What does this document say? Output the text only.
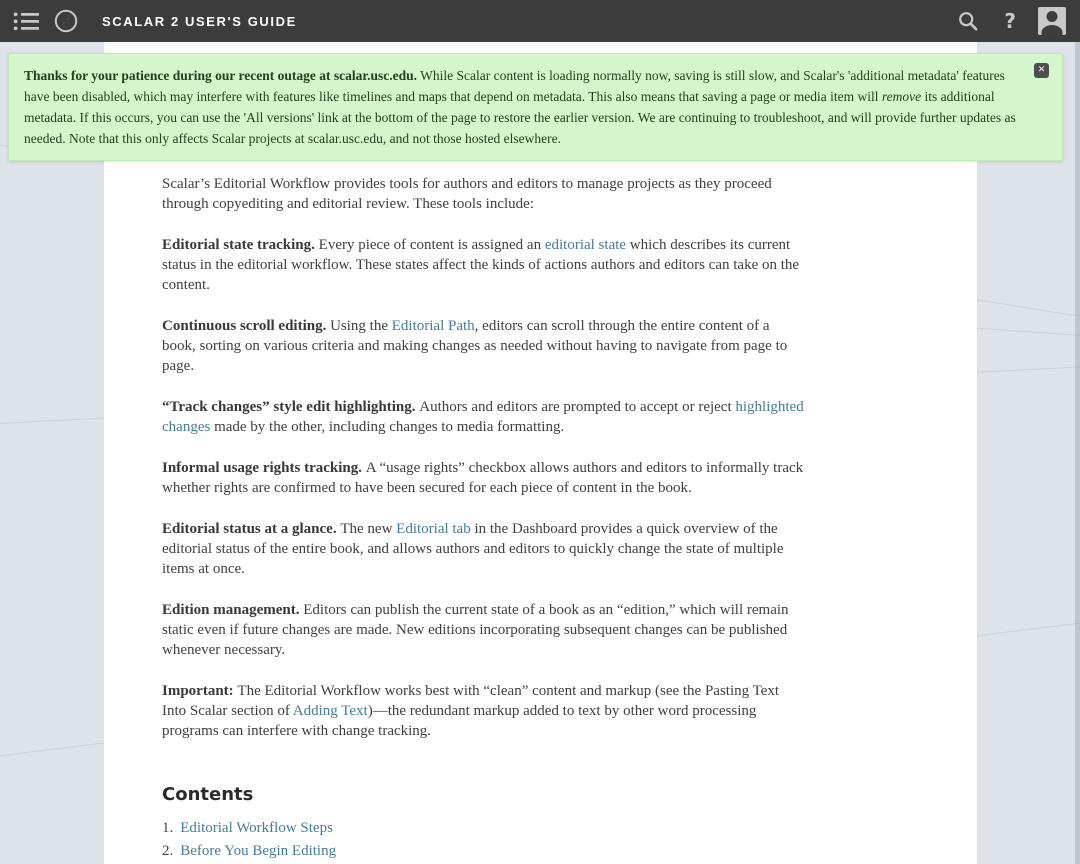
SCALAR 2 USER'S GUIDE	?

Scalar’s Editorial Workflow provides tools for authors and editors to manage projects as they proceed through copyediting and editorial review. These tools include:

Editorial state tracking. Every piece of content is assigned an editorial state which describes its current status in the editorial workflow. These states affect the kinds of actions authors and editors can take on the content.

Continuous scroll editing. Using the Editorial Path, editors can scroll through the entire content of a book, sorting on various criteria and making changes as needed without having to navigate from page to page.

“Track changes” style edit highlighting. Authors and editors are prompted to accept or reject highlighted changes made by the other, including changes to media formatting.

Informal usage rights tracking. A “usage rights” checkbox allows authors and editors to informally track whether rights are confirmed to have been secured for each piece of content in the book.

Editorial status at a glance. The new Editorial tab in the Dashboard provides a quick overview of the editorial status of the entire book, and allows authors and editors to quickly change the state of multiple items at once.

Edition management. Editors can publish the current state of a book as an “edition,” which will remain static even if future changes are made. New editions incorporating subsequent changes can be published whenever necessary.

Important: The Editorial Workflow works best with “clean” content and markup (see the Pasting Text Into Scalar section of Adding Text)—the redundant markup added to text by other word processing programs can interfere with change tracking.

Contents
1. Editorial Workflow Steps
2. Before You Begin Editing
Thanks for your patience during our recent outage at scalar.usc.edu. While Scalar content is loading normally now, saving is still slow, and Scalar's 'additional metadata' features have been disabled, which may interfere with features like timelines and maps that depend on metadata. This also means that saving a page or media item will remove its additional metadata. If this occurs, you can use the 'All versions' link at the bottom of the page to restore the earlier version. We are continuing to troubleshoot, and will provide further updates as needed. Note that this only affects Scalar projects at scalar.usc.edu, and not those hosted elsewhere.
✕
